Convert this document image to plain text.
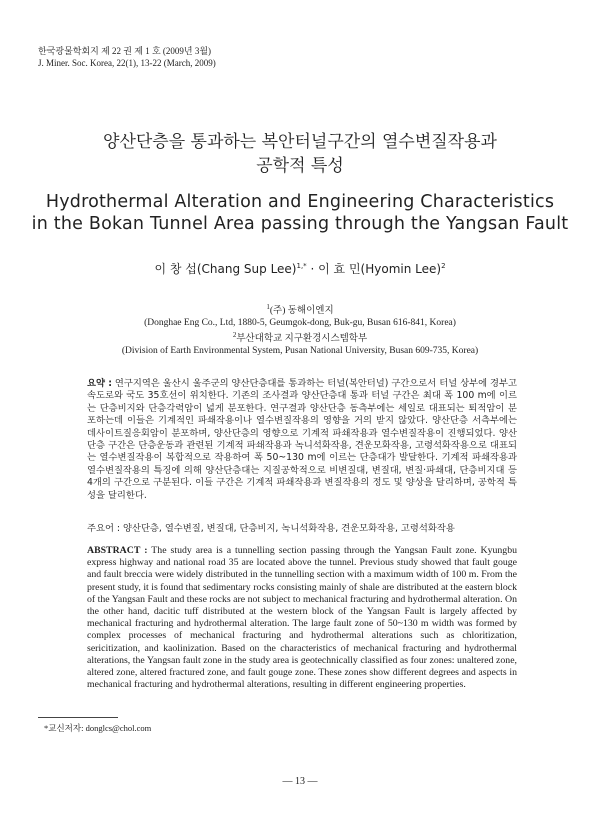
한국광물학회지 제 22 권 제 1 호 (2009년 3월)
J. Miner. Soc. Korea, 22(1), 13-22 (March, 2009)
양산단층을 통과하는 복안터널구간의 열수변질작용과
공학적 특성
Hydrothermal Alteration and Engineering Characteristics
in the Bokan Tunnel Area passing through the Yangsan Fault
이 창 섭(Chang Sup Lee)$^{1,*}$ · 이 효 민(Hyomin Lee)$^2$
$^1$(주) 동해이엔지
(Donghae Eng Co., Ltd, 1880-5, Geumgok-dong, Buk-gu, Busan 616-841, Korea)
$^2$부산대학교 지구환경시스템학부
(Division of Earth Environmental System, Pusan National University, Busan 609-735, Korea)
요약 : 연구지역은 울산시 울주군의 양산단층대를 통과하는 터널(복안터널) 구간으로서 터널 상부에 경부고속도로와 국도 35호선이 위치한다. 기존의 조사결과 양산단층대 통과 터널 구간은 최대 폭 100 m에 이르는 단층비지와 단층각력암이 넓게 분포한다. 연구결과 양산단층 동측부에는 세일로 대표되는 퇴적암이 분포하는데 이들은 기계적인 파쇄작용이나 열수변질작용의 영향을 거의 받지 않았다. 양산단층 서측부에는 데사이트질응회암이 분포하며, 양산단층의 영향으로 기계적 파쇄작용과 열수변질작용이 진행되었다. 양산단층 구간은 단층운동과 관련된 기계적 파쇄작용과 녹니석화작용, 견운모화작용, 고령석화작용으로 대표되는 열수변질작용이 복합적으로 작용하여 폭 50~130 m에 이르는 단층대가 발달한다. 기계적 파쇄작용과 열수변질작용의 특징에 의해 양산단층대는 지질공학적으로 비변질대, 변질대, 변질·파쇄대, 단층비지대 등 4개의 구간으로 구분된다. 이들 구간은 기계적 파쇄작용과 변질작용의 정도 및 양상을 달리하며, 공학적 특성을 달리한다.
주요어 : 양산단층, 열수변질, 변질대, 단층비지, 녹니석화작용, 견운모화작용, 고령석화작용
ABSTRACT : The study area is a tunnelling section passing through the Yangsan Fault zone. Kyungbu express highway and national road 35 are located above the tunnel. Previous study showed that fault gouge and fault breccia were widely distributed in the tunnelling section with a maximum width of 100 m. From the present study, it is found that sedimentary rocks consisting mainly of shale are distributed at the eastern block of the Yangsan Fault and these rocks are not subject to mechanical fracturing and hydrothermal alteration. On the other hand, dacitic tuff distributed at the western block of the Yangsan Fault is largely affected by mechanical fracturing and hydrothermal alteration. The large fault zone of 50~130 m width was formed by complex processes of mechanical fracturing and hydrothermal alterations such as chloritization, sericitization, and kaolinization. Based on the characteristics of mechanical fracturing and hydrothermal alterations, the Yangsan fault zone in the study area is geotechnically classified as four zones: unaltered zone, altered zone, altered fractured zone, and fault gouge zone. These zones show different degrees and aspects in mechanical fracturing and hydrothermal alterations, resulting in different engineering properties.
*교신저자: donglcs@chol.com
— 13 —
